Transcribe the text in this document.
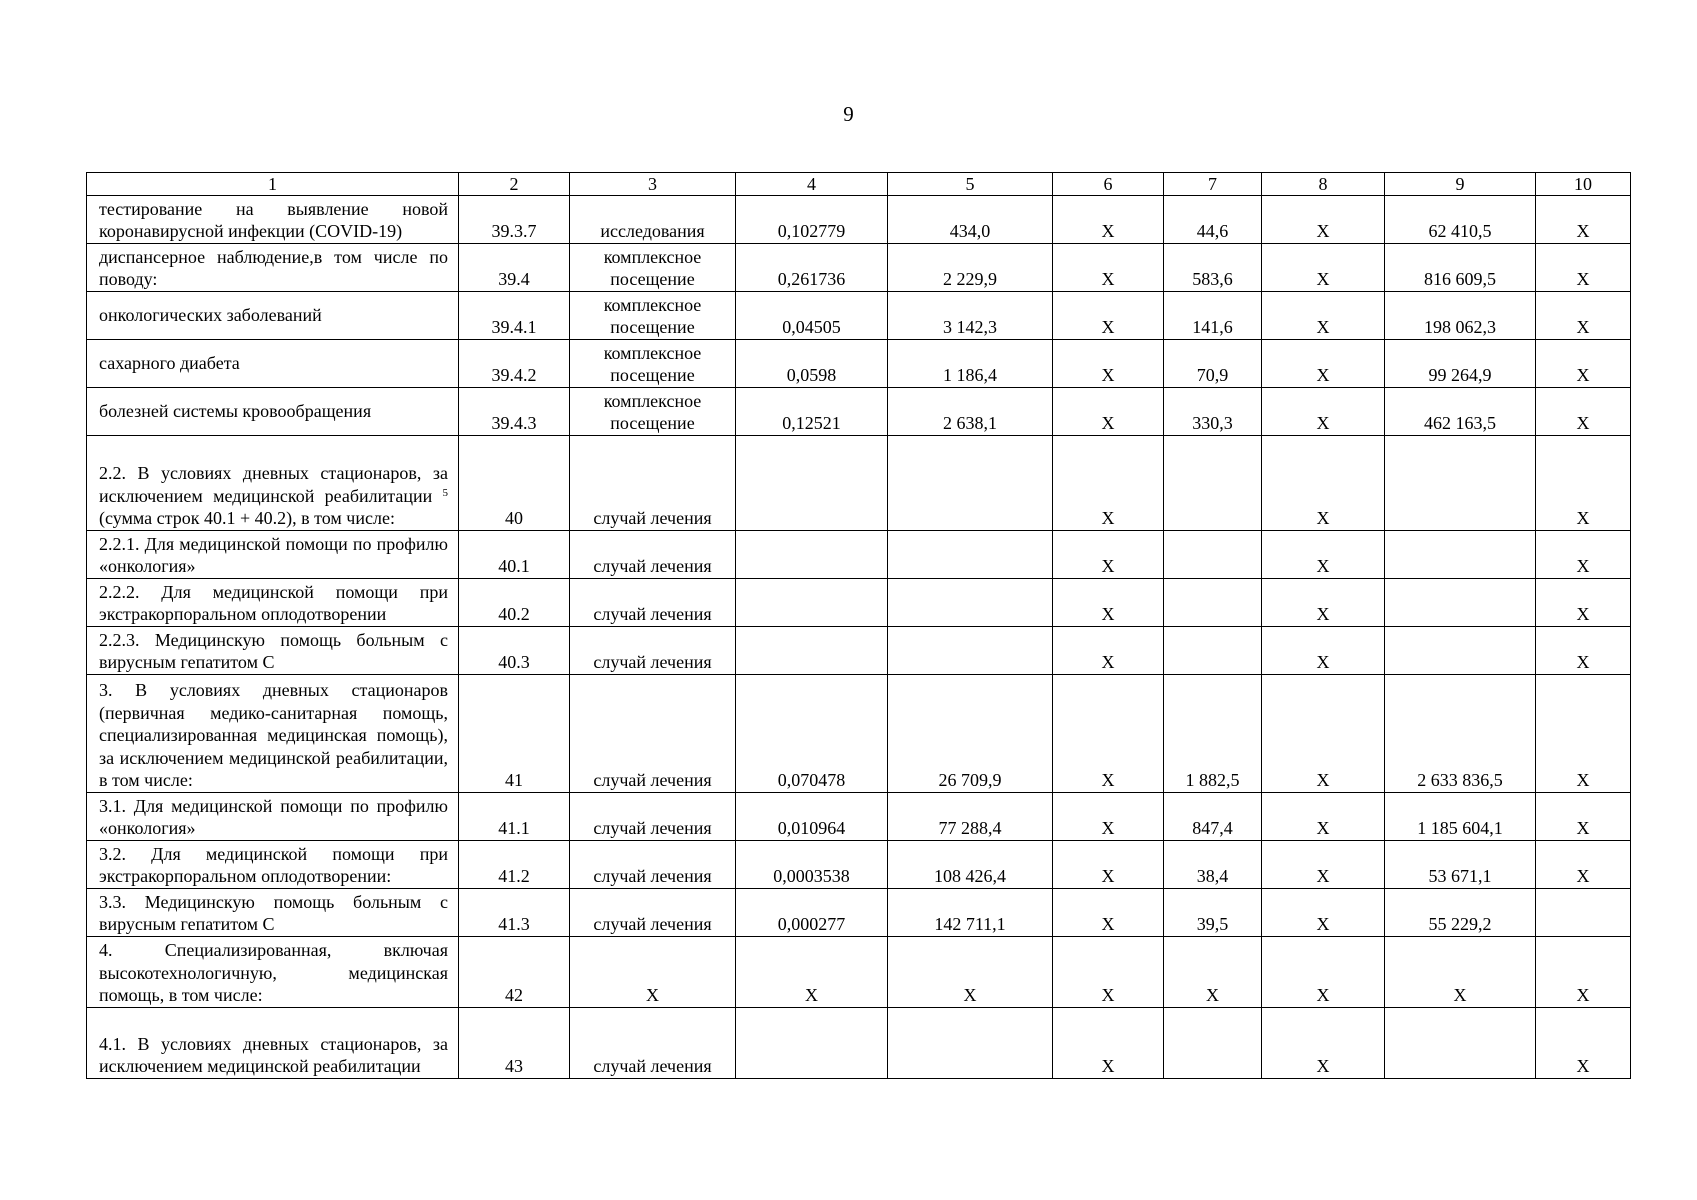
9
1	2	3	4	5	6	7	8	9	10
тестирование на выявление новой коронавирусной инфекции (COVID-19)	39.3.7	исследования	0,102779	434,0	X	44,6	X	62 410,5	X
диспансерное наблюдение,в том числе по поводу:	39.4	комплексное посещение	0,261736	2 229,9	X	583,6	X	816 609,5	X
онкологических заболеваний	39.4.1	комплексное посещение	0,04505	3 142,3	X	141,6	X	198 062,3	X
сахарного диабета	39.4.2	комплексное посещение	0,0598	1 186,4	X	70,9	X	99 264,9	X
болезней системы кровообращения	39.4.3	комплексное посещение	0,12521	2 638,1	X	330,3	X	462 163,5	X
2.2. В условиях дневных стационаров, за исключением медицинской реабилитации $^5$ (сумма строк 40.1 + 40.2), в том числе:	40	случай лечения			X		X		X
2.2.1. Для медицинской помощи по профилю «онкология»	40.1	случай лечения			X		X		X
2.2.2. Для медицинской помощи при экстракорпоральном оплодотворении	40.2	случай лечения			X		X		X
2.2.3. Медицинскую помощь больным с вирусным гепатитом С	40.3	случай лечения			X		X		X
3. В условиях дневных стационаров (первичная медико-санитарная помощь, специализированная медицинская помощь), за исключением медицинской реабилитации, в том числе:	41	случай лечения	0,070478	26 709,9	X	1 882,5	X	2 633 836,5	X
3.1. Для медицинской помощи по профилю «онкология»	41.1	случай лечения	0,010964	77 288,4	X	847,4	X	1 185 604,1	X
3.2. Для медицинской помощи при экстракорпоральном оплодотворении:	41.2	случай лечения	0,0003538	108 426,4	X	38,4	X	53 671,1	X
3.3. Медицинскую помощь больным с вирусным гепатитом С	41.3	случай лечения	0,000277	142 711,1	X	39,5	X	55 229,2	
4. Специализированная, включая высокотехнологичную, медицинская помощь, в том числе:	42	X	X	X	X	X	X	X	X
4.1. В условиях дневных стационаров, за исключением медицинской реабилитации	43	случай лечения			X		X		X
